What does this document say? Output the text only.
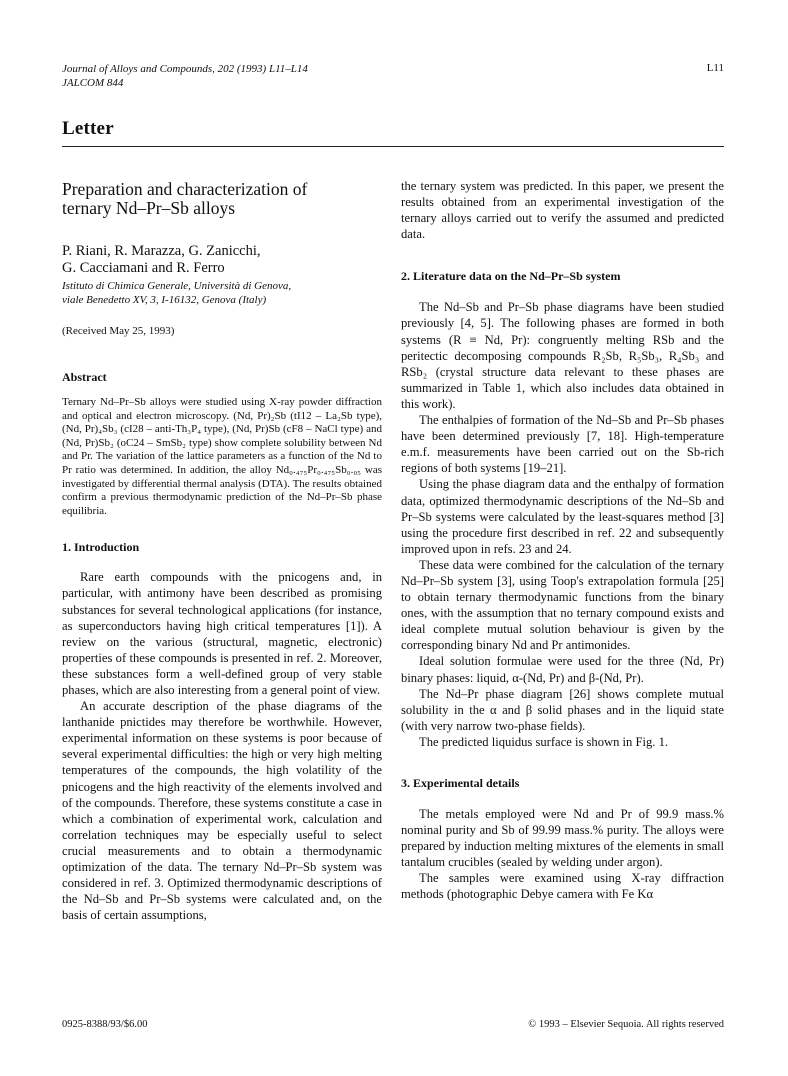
Journal of Alloys and Compounds, 202 (1993) L11–L14
JALCOM 844
L11
Letter
Preparation and characterization of
ternary Nd–Pr–Sb alloys
P. Riani, R. Marazza, G. Zanicchi,
G. Cacciamani and R. Ferro
Istituto di Chimica Generale, Università di Genova,
viale Benedetto XV, 3, I-16132, Genova (Italy)
(Received May 25, 1993)
Abstract
Ternary Nd–Pr–Sb alloys were studied using X-ray powder diffraction and optical and electron microscopy. (Nd, Pr)₂Sb (tI12 – La₂Sb type), (Nd, Pr)₄Sb₃ (cI28 – anti-Th₃P₄ type), (Nd, Pr)Sb (cF8 – NaCl type) and (Nd, Pr)Sb₂ (oC24 – SmSb₂ type) show complete solubility between Nd and Pr. The variation of the lattice parameters as a function of the Nd to Pr ratio was determined. In addition, the alloy Nd₀.₄₇₅Pr₀.₄₇₅Sb₀.₀₅ was investigated by differential thermal analysis (DTA). The results obtained confirm a previous thermodynamic prediction of the Nd–Pr–Sb phase equilibria.
1. Introduction

Rare earth compounds with the pnicogens and, in particular, with antimony have been described as promising substances for several technological applications (for instance, as superconductors having high critical temperatures [1]). A review on the various (structural, magnetic, electronic) properties of these compounds is presented in ref. 2. Moreover, these substances form a well-defined group of very stable phases, which are also interesting from a general point of view.

An accurate description of the phase diagrams of the lanthanide pnictides may therefore be worthwhile. However, experimental information on these systems is poor because of several experimental difficulties: the high or very high melting temperatures of the compounds, the high volatility of the pnicogens and the high reactivity of the elements involved and of the compounds. Therefore, these systems constitute a case in which a combination of experimental work, calculation and correlation techniques may be especially useful to select crucial measurements and to obtain a thermodynamic optimization of the data. The ternary Nd–Pr–Sb system was considered in ref. 3. Optimized thermodynamic descriptions of the Nd–Sb and Pr–Sb systems were calculated and, on the basis of certain assumptions,

the ternary system was predicted. In this paper, we present the results obtained from an experimental investigation of the ternary alloys carried out to verify the assumed and predicted data.

2. Literature data on the Nd–Pr–Sb system

The Nd–Sb and Pr–Sb phase diagrams have been studied previously [4, 5]. The following phases are formed in both systems (R ≡ Nd, Pr): congruently melting RSb and the peritectic decomposing compounds R₂Sb, R₅Sb₃, R₄Sb₃ and RSb₂ (crystal structure data relevant to these phases are summarized in Table 1, which also includes data obtained in this work).

The enthalpies of formation of the Nd–Sb and Pr–Sb phases have been determined previously [7, 18]. High-temperature e.m.f. measurements have been carried out on the Sb-rich regions of both systems [19–21].

Using the phase diagram data and the enthalpy of formation data, optimized thermodynamic descriptions of the Nd–Sb and Pr–Sb systems were calculated by the least-squares method [3] using the procedure first described in ref. 22 and subsequently improved upon in refs. 23 and 24.

These data were combined for the calculation of the ternary Nd–Pr–Sb system [3], using Toop's extrapolation formula [25] to obtain ternary thermodynamic functions from the binary ones, with the assumption that no ternary compound exists and ideal complete mutual solution behaviour is given by the corresponding binary Nd and Pr antimonides.

Ideal solution formulae were used for the three (Nd, Pr) binary phases: liquid, α-(Nd, Pr) and β-(Nd, Pr).

The Nd–Pr phase diagram [26] shows complete mutual solubility in the α and β solid phases and in the liquid state (with very narrow two-phase fields).

The predicted liquidus surface is shown in Fig. 1.

3. Experimental details

The metals employed were Nd and Pr of 99.9 mass.% nominal purity and Sb of 99.99 mass.% purity. The alloys were prepared by induction melting mixtures of the elements in small tantalum crucibles (sealed by welding under argon).

The samples were examined using X-ray diffraction methods (photographic Debye camera with Fe Kα

0925-8388/93/$6.00	© 1993 – Elsevier Sequoia. All rights reserved
